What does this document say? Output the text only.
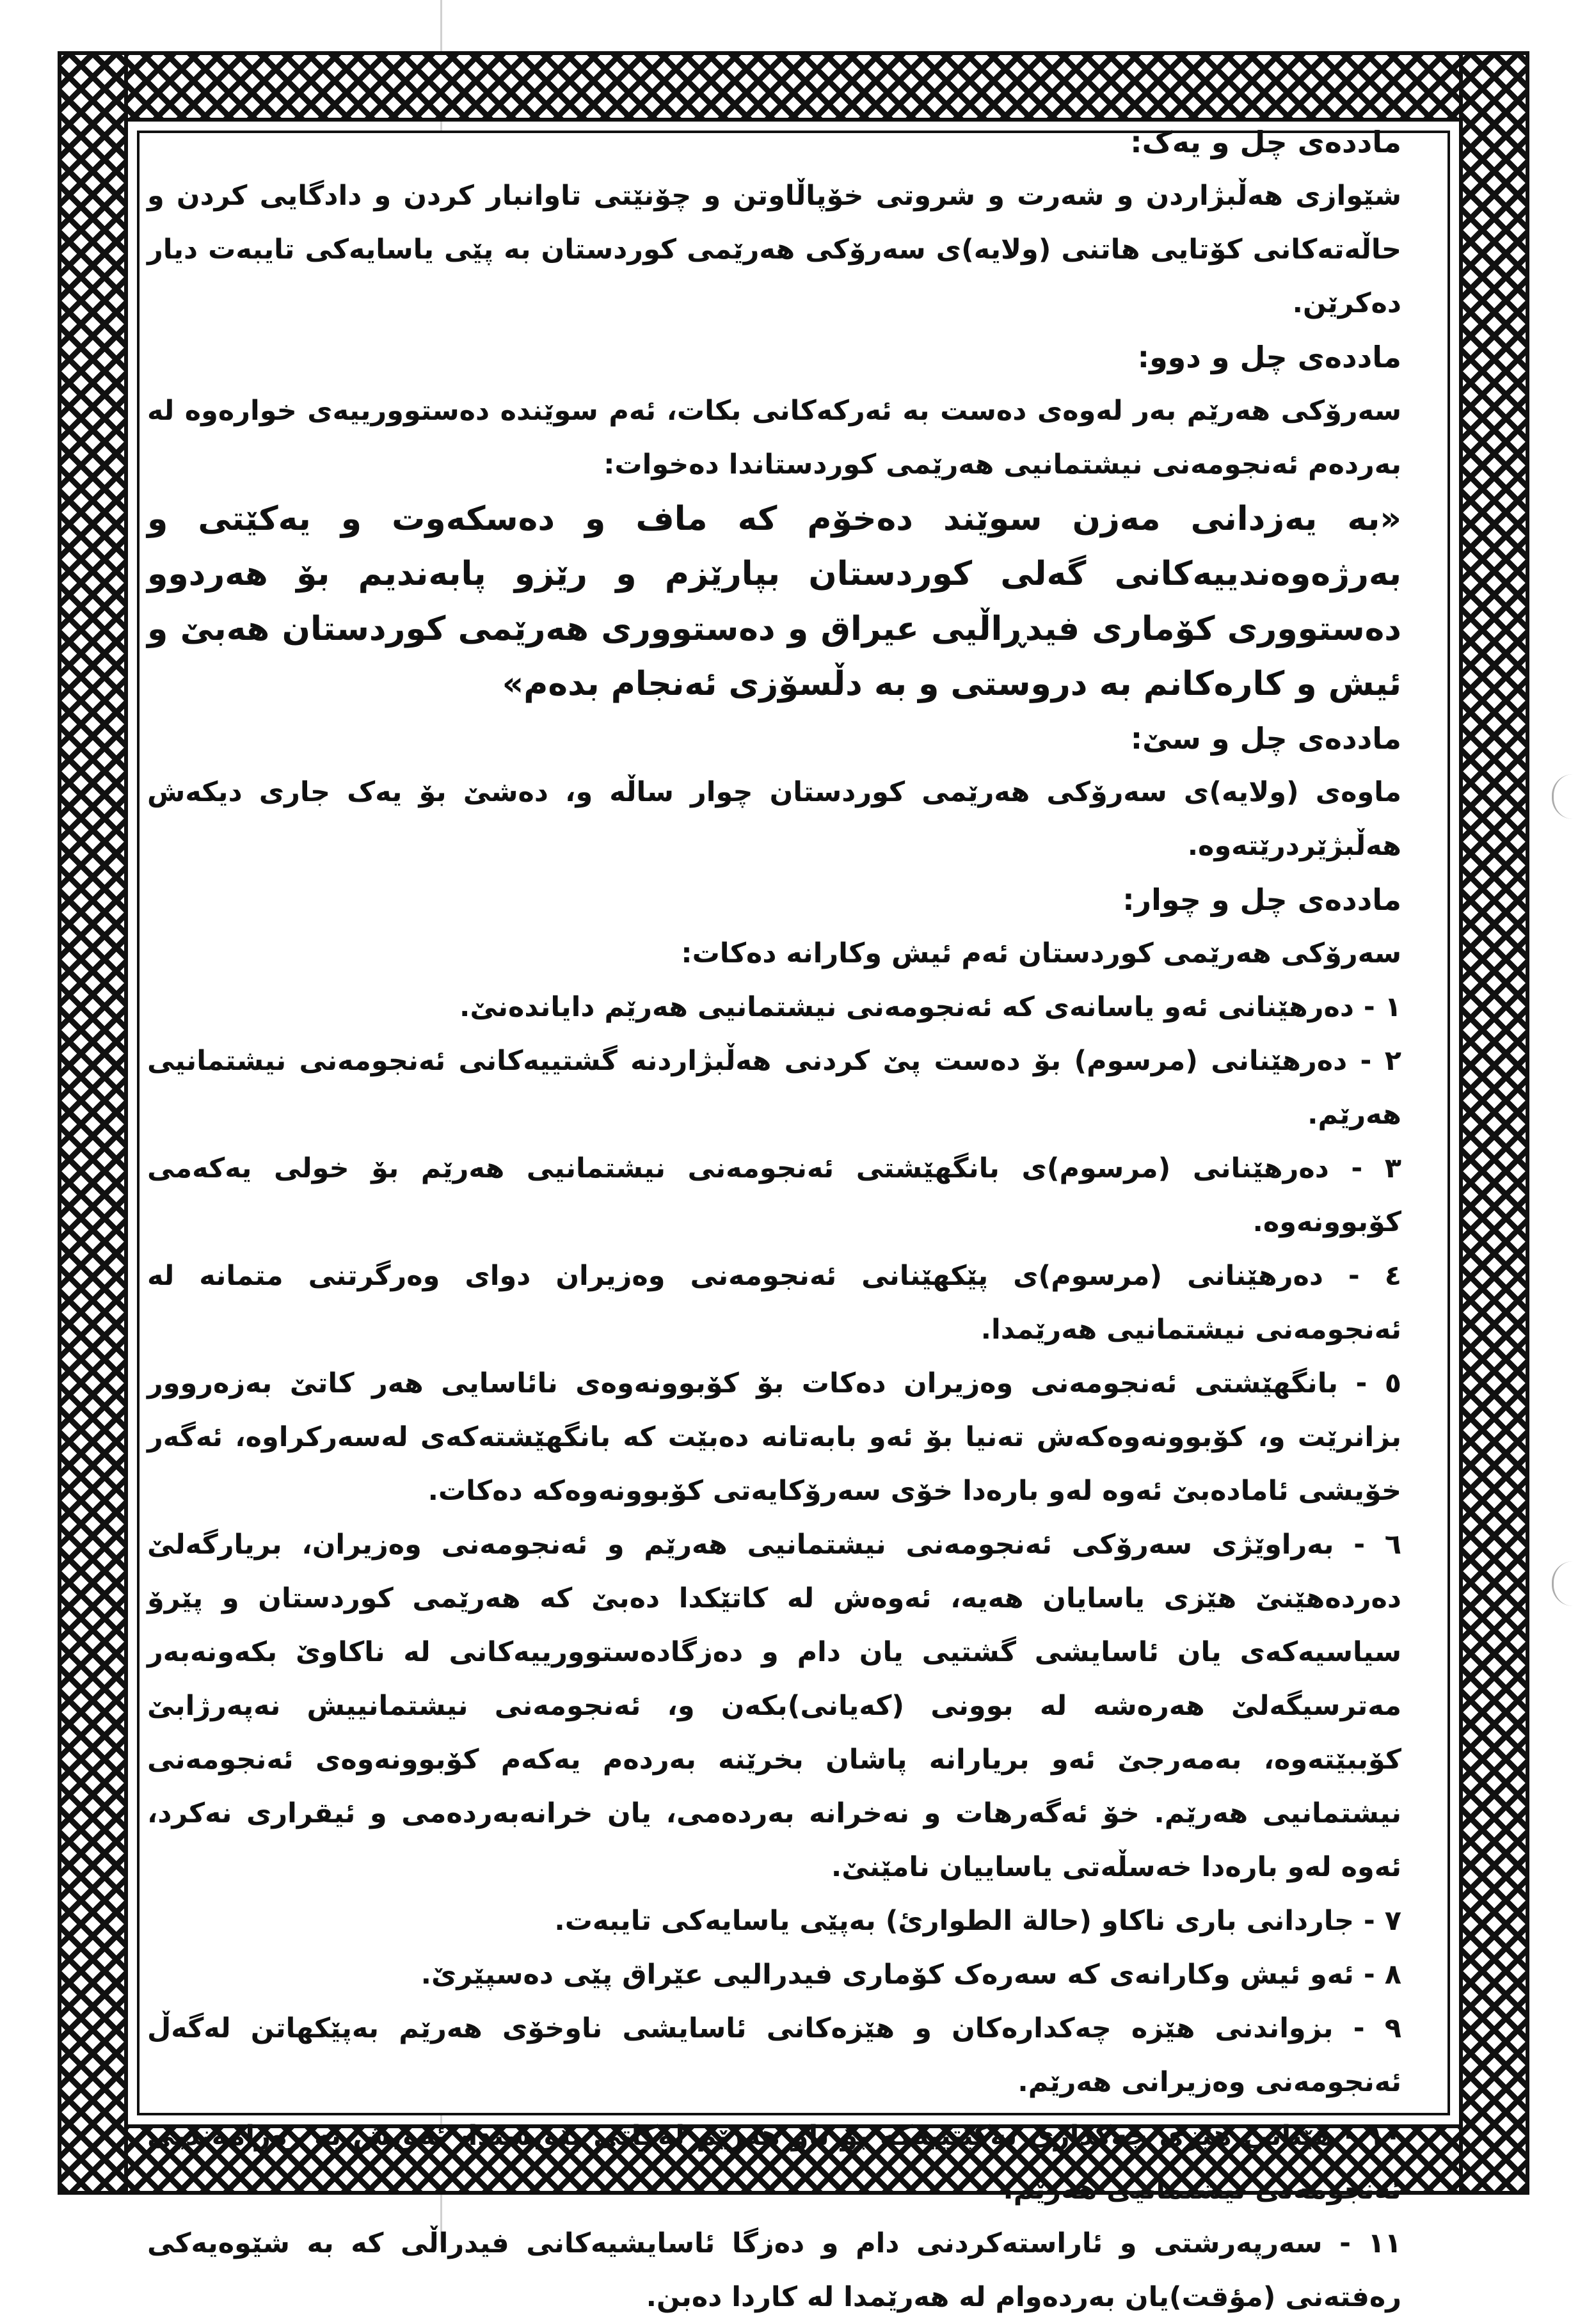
ماددەی چل و یەک:

شێوازی هەڵبژاردن و شەرت و شروتی خۆپاڵاوتن و چۆنێتی تاوانبار کردن و دادگایی کردن و حاڵەتەکانی کۆتایی هاتنی (ولایە)ی سەرۆکی هەرێمی کوردستان بە پێی یاسایەکی تایبەت دیار دەکرێن.

ماددەی چل و دوو:

سەرۆکی هەرێم بەر لەوەی دەست بە ئەرکەکانی بکات، ئەم سوێندە دەستوورییەی خوارەوە لە بەردەم ئەنجومەنی نیشتمانیی هەرێمی کوردستاندا دەخوات:

«بە یەزدانی مەزن سوێند دەخۆم کە ماف و دەسکەوت و یەکێتی و بەرژەوەندییەکانی گەلی کوردستان بپارێزم و رێزو پابەندیم بۆ هەردوو دەستووری کۆماری فیدڕاڵیی عیراق و دەستووری هەرێمی کوردستان هەبێ و ئیش و کارەکانم بە دروستی و بە دڵسۆزی ئەنجام بدەم»

ماددەی چل و سێ:

ماوەی (ولایە)ی سەرۆکی هەرێمی کوردستان چوار ساڵە و، دەشێ بۆ یەک جاری دیکەش هەڵبژێردرێتەوە.

ماددەی چل و چوار:

سەرۆکی هەرێمی کوردستان ئەم ئیش وکارانە دەکات:

١ - دەرهێنانی ئەو یاسانەی کە ئەنجومەنی نیشتمانیی هەرێم دایاندەنێ.
٢ - دەرهێنانی (مرسوم) بۆ دەست پێ کردنی هەڵبژاردنە گشتییەکانی ئەنجومەنی نیشتمانیی هەرێم.
٣ - دەرهێنانی (مرسوم)ی بانگهێشتی ئەنجومەنی نیشتمانیی هەرێم بۆ خولی یەکەمی کۆبوونەوە.
٤ - دەرهێنانی (مرسوم)ی پێکهێنانی ئەنجومەنی وەزیران دوای وەرگرتنی متمانە لە ئەنجومەنی نیشتمانیی هەرێمدا.
٥ - بانگهێشتی ئەنجومەنی وەزیران دەکات بۆ کۆبوونەوەی نائاسایی هەر کاتێ بەزەروور بزانرێت و، کۆبوونەوەکەش تەنیا بۆ ئەو بابەتانە دەبێت کە بانگهێشتەکەی لەسەرکراوە، ئەگەر خۆیشی ئامادەبێ ئەوە لەو بارەدا خۆی سەرۆکایەتی کۆبوونەوەکە دەکات.
٦ - بەراوێژی سەرۆکی ئەنجومەنی نیشتمانیی هەرێم و ئەنجومەنی وەزیران، بریارگەلێ دەردەهێنێ هێزی یاسایان هەیە، ئەوەش لە کاتێکدا دەبێ کە هەرێمی کوردستان و پێرۆ سیاسیەکەی یان ئاسایشی گشتیی یان دام و دەزگادەستوورییەکانی لە ناکاوێ بکەونەبەر مەترسیگەلێ هەرەشە لە بوونی (کەیانی)بکەن و، ئەنجومەنی نیشتمانییش نەپەرژابێ کۆببێتەوە، بەمەرجێ ئەو بریارانە پاشان بخرێنە بەردەم یەکەم کۆبوونەوەی ئەنجومەنی نیشتمانیی هەرێم. خۆ ئەگەرهات و نەخرانە بەردەمی، یان خرانەبەردەمی و ئیقراری نەکرد، ئەوە لەو بارەدا خەسڵەتی یاساییان نامێنێ.
٧ - جاردانی باری ناکاو (حالة الطوارئ) بەپێی یاسایەکی تایبەت.
٨ - ئەو ئیش وکارانەی کە سەرەک کۆماری فیدرالیی عێراق پێی دەسپێرێ.
٩ - بزواندنی هێزە چەکدارەکان و هێزەکانی ئاسایشی ناوخۆی هەرێم بەپێکهاتن لەگەڵ ئەنجومەنی وەزیرانی هەرێم.
١٠ - هێنانی هێزی چەکداری یەکێتییەکە بۆ ناو هەرێم لەکاتی پێویستدا، ئەویش بە رەزامەندیی ئەنجومەنی نیشتمانیی هەرێم.
١١ - سەرپەرشتی و ئاراستەکردنی دام و دەزگا ئاسایشیەکانی فیدراڵی کە بە شێوەیەکی رەفتەنی (مؤقت)یان بەردەوام لە هەرێمدا لە کاردا دەبن.
